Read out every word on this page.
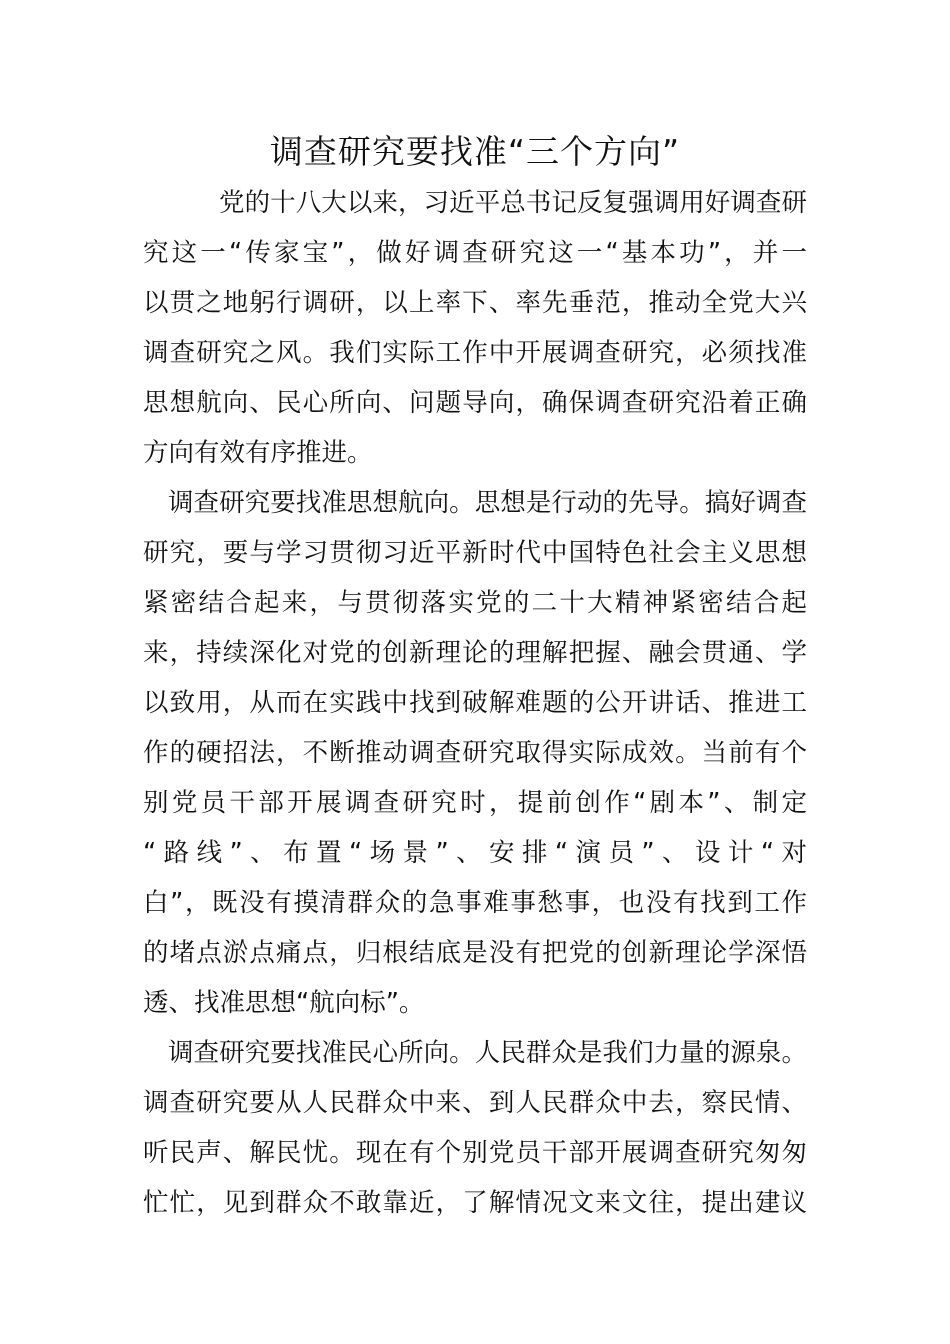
调查研究要找准“三个方向”
党的十八大以来，习近平总书记反复强调用好调查研
究这一“传家宝”，做好调查研究这一“基本功”，并一
以贯之地躬行调研，以上率下、率先垂范，推动全党大兴
调查研究之风。我们实际工作中开展调查研究，必须找准
思想航向、民心所向、问题导向，确保调查研究沿着正确
方向有效有序推进。
调查研究要找准思想航向。思想是行动的先导。搞好调查
研究，要与学习贯彻习近平新时代中国特色社会主义思想
紧密结合起来，与贯彻落实党的二十大精神紧密结合起
来，持续深化对党的创新理论的理解把握、融会贯通、学
以致用，从而在实践中找到破解难题的公开讲话、推进工
作的硬招法，不断推动调查研究取得实际成效。当前有个
别党员干部开展调查研究时，提前创作“剧本”、制定
“路线”、布置“场景”、安排“演员”、设计“对
白”，既没有摸清群众的急事难事愁事，也没有找到工作
的堵点淤点痛点，归根结底是没有把党的创新理论学深悟
透、找准思想“航向标”。
调查研究要找准民心所向。人民群众是我们力量的源泉。
调查研究要从人民群众中来、到人民群众中去，察民情、
听民声、解民忧。现在有个别党员干部开展调查研究匆匆
忙忙，见到群众不敢靠近，了解情况文来文往，提出建议
